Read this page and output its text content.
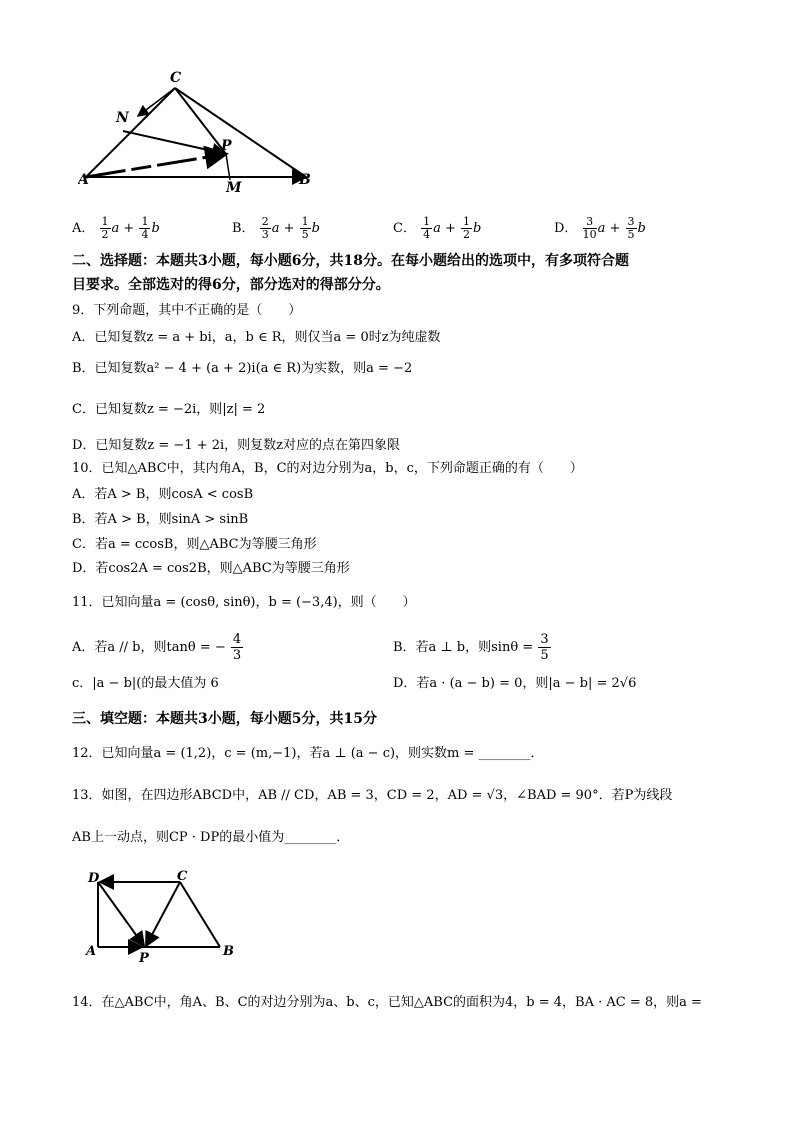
C
N
A
P
M	B
A． $\frac{1}{2}$ $a + \frac{1}{4}$ b	B． $\frac{2}{3}$ $a + \frac{1}{5}$ b	C． $\frac{1}{4}$ $a + \frac{1}{2}$ b	D． $\frac{3}{10}$ $a + \frac{3}{5}$ b
二、选择题：本题共3小题，每小题6分，共18分。在每小题给出的选项中，有多项符合题
目要求。全部选对的得6分，部分选对的得部分分。
9．下列命题，其中不正确的是（　　）
A．已知复数z = a + bi，a，b ∈ R，则仅当a = 0时z为纯虚数
B．已知复数a² − 4 + (a + 2)i(a ∈ R)为实数，则a = −2
C．已知复数z = −2i，则|z| = 2
D．已知复数z = −1 + 2i，则复数z对应的点在第四象限
10．已知△ABC中，其内角A，B，C的对边分别为a，b，c，下列命题正确的有（　　）
A．若A > B，则cosA < cosB
B．若A > B，则sinA > sinB
C．若a = ccosB，则△ABC为等腰三角形
D．若cos2A = cos2B，则△ABC为等腰三角形
11．已知向量a = (cosθ, sinθ)，b = (−3,4)，则（　　）
A．若a // b，则tanθ = − $\frac{4}{3}$	B．若a ⊥ b，则$\sin\theta = \frac{3}{5}$
c．|a − b|(的最大值为 6	D．若a · (a − b) = 0，则|a − b| = 2√6
三、填空题：本题共3小题，每小题5分，共15分
12．已知向量a = (1,2)，c = (m,−1)，若a ⊥ (a − c)，则实数m = ________．
13．如图，在四边形ABCD中，AB // CD，AB = 3，CD = 2，AD = √3，∠BAD = 90°．若P为线段
AB上一动点，则CP · DP的最小值为________．
D	C
A	P	B
14．在△ABC中，角A、B、C的对边分别为a、b、c，已知△ABC的面积为4，b = 4，BA · AC = 8，则a =
